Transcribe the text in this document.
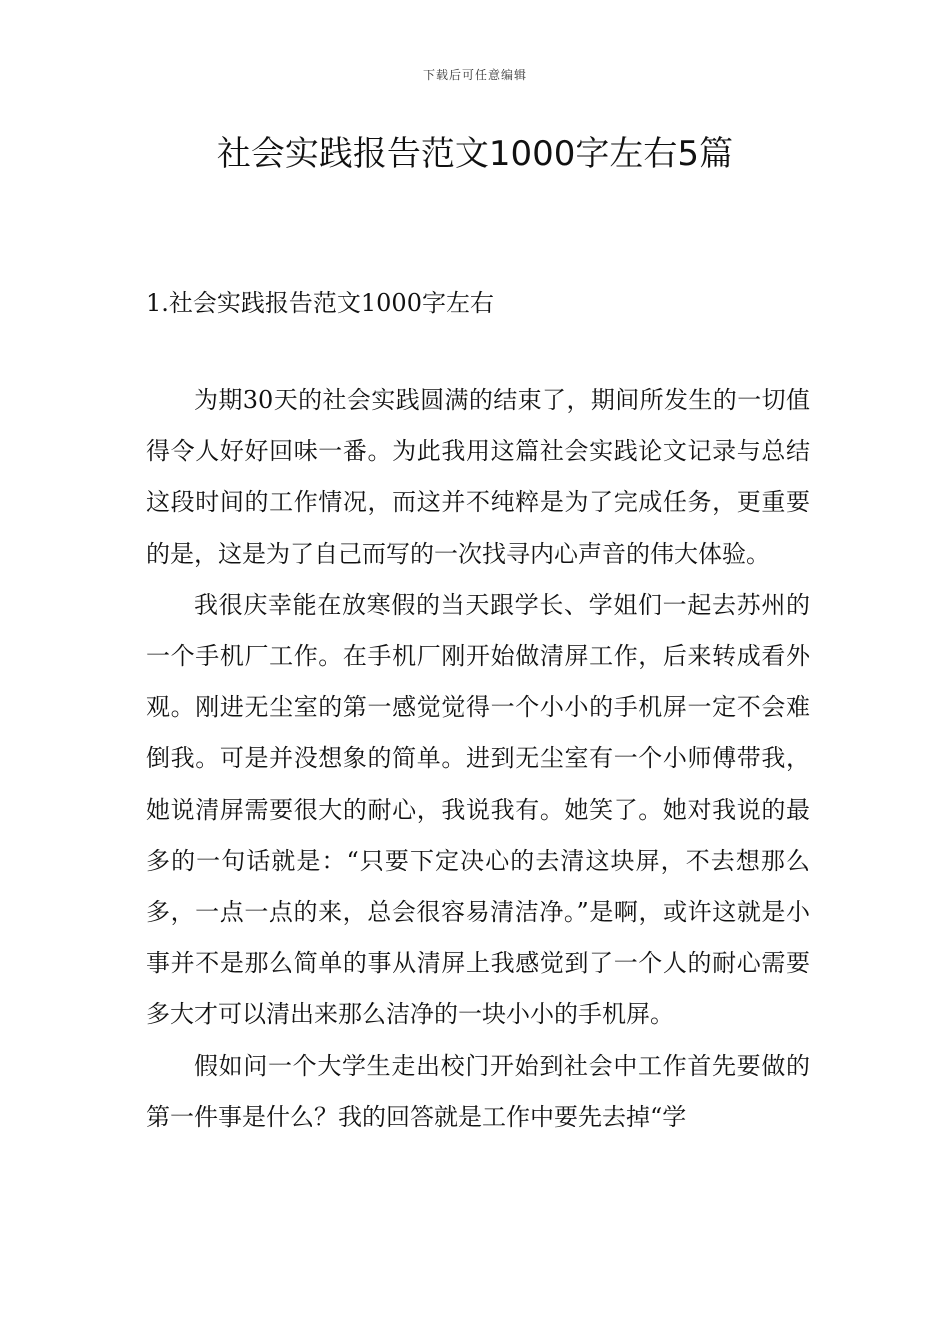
下载后可任意编辑
社会实践报告范文1000字左右5篇
1.社会实践报告范文1000字左右

为期30天的社会实践圆满的结束了，期间所发生的一切值得令人好好回味一番。为此我用这篇社会实践论文记录与总结这段时间的工作情况，而这并不纯粹是为了完成任务，更重要的是，这是为了自己而写的一次找寻内心声音的伟大体验。

我很庆幸能在放寒假的当天跟学长、学姐们一起去苏州的一个手机厂工作。在手机厂刚开始做清屏工作，后来转成看外观。刚进无尘室的第一感觉觉得一个小小的手机屏一定不会难倒我。可是并没想象的简单。进到无尘室有一个小师傅带我，她说清屏需要很大的耐心，我说我有。她笑了。她对我说的最多的一句话就是：“只要下定决心的去清这块屏，不去想那么多，一点一点的来，总会很容易清洁净。”是啊，或许这就是小事并不是那么简单的事从清屏上我感觉到了一个人的耐心需要多大才可以清出来那么洁净的一块小小的手机屏。

假如问一个大学生走出校门开始到社会中工作首先要做的第一件事是什么？我的回答就是工作中要先去掉“学
